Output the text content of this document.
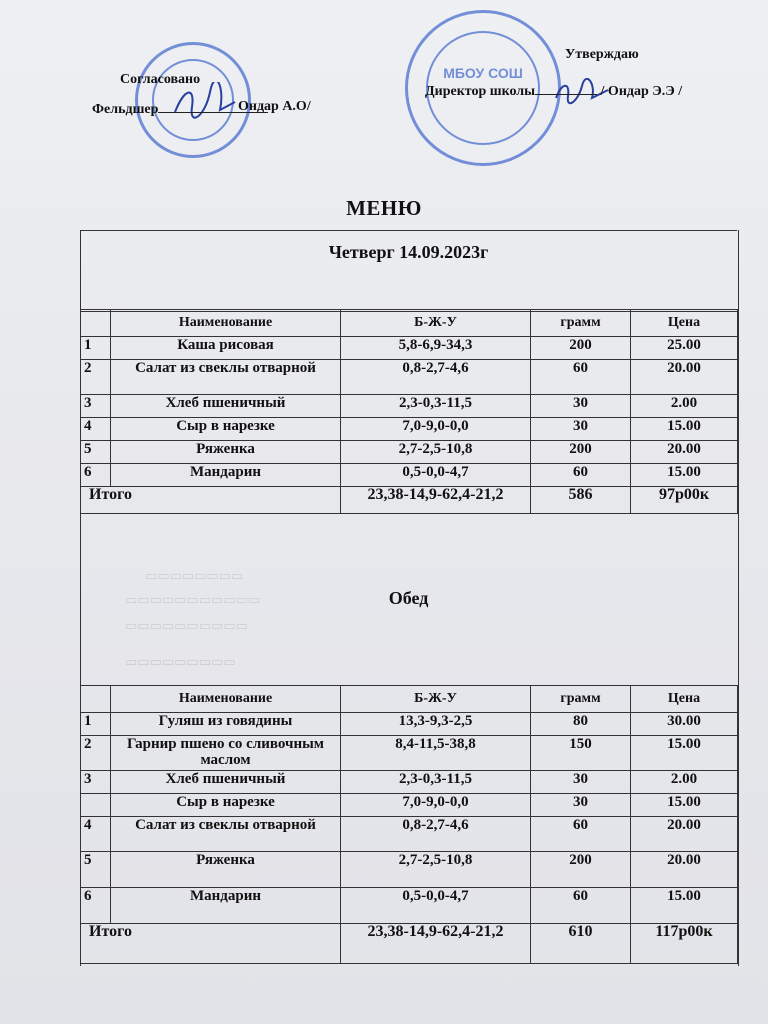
МБОУ СОШ
Согласовано
Фельдшер	Ондар А.О/
Утверждаю
Директор школы	/ Ондар Э.Э /
МЕНЮ
Четверг 14.09.2023г
	Наименование	Б-Ж-У	грамм	Цена
1	Каша рисовая	5,8-6,9-34,3	200	25.00
2	Салат из свеклы отварной	0,8-2,7-4,6	60	20.00
3	Хлеб пшеничный	2,3-0,3-11,5	30	2.00
4	Сыр в нарезке	7,0-9,0-0,0	30	15.00
5	Ряженка	2,7-2,5-10,8	200	20.00
6	Мандарин	0,5-0,0-4,7	60	15.00
Итого		23,38-14,9-62,4-21,2	586	97р00к
▭▭▭▭▭▭▭▭
▭▭▭▭▭▭▭▭▭▭▭
▭▭▭▭▭▭▭▭▭▭
▭▭▭▭▭▭▭▭▭
Обед
	Наименование	Б-Ж-У	грамм	Цена
1	Гуляш из говядины	13,3-9,3-2,5	80	30.00
2	Гарнир пшено со сливочным маслом	8,4-11,5-38,8	150	15.00
3	Хлеб пшеничный	2,3-0,3-11,5	30	2.00
	Сыр в нарезке	7,0-9,0-0,0	30	15.00
4	Салат из свеклы отварной	0,8-2,7-4,6	60	20.00
5	Ряженка	2,7-2,5-10,8	200	20.00
6	Мандарин	0,5-0,0-4,7	60	15.00
Итого		23,38-14,9-62,4-21,2	610	117р00к
